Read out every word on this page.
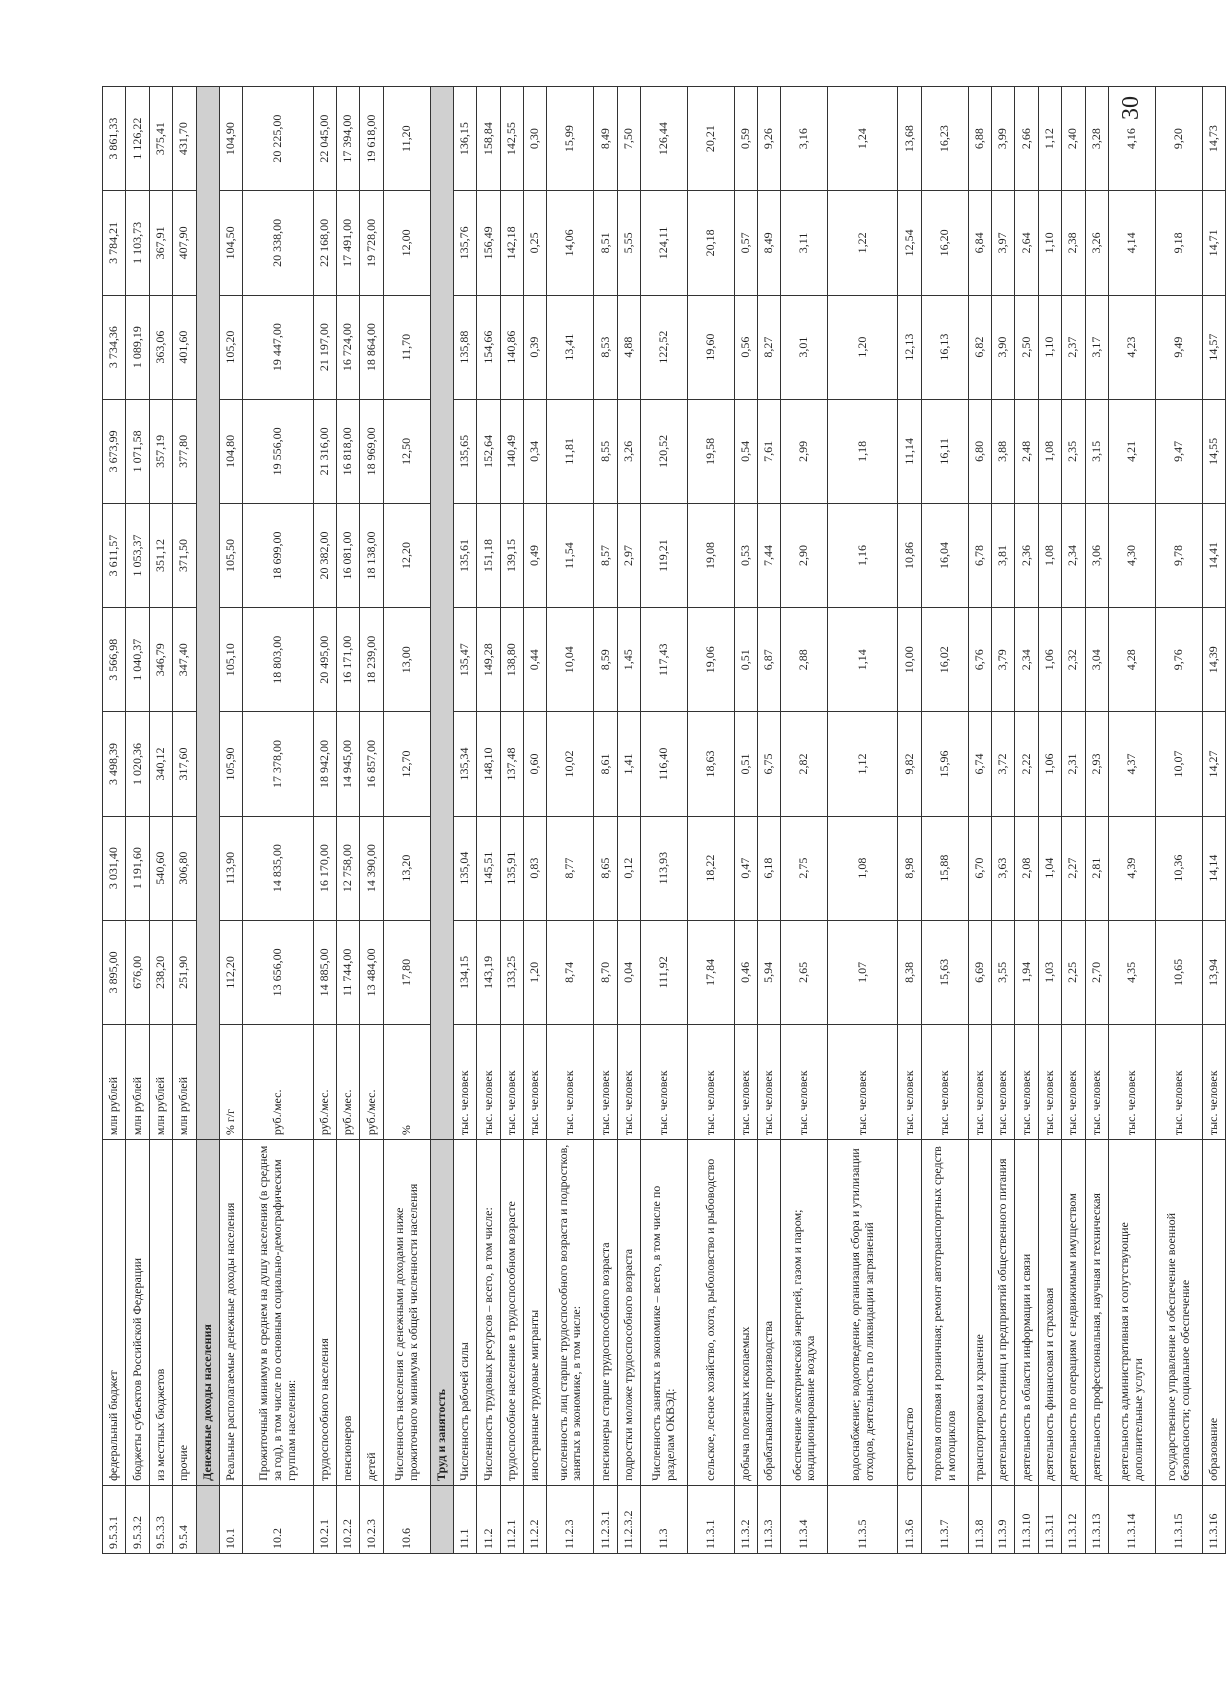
9.5.3.1	федеральный бюджет	млн рублей	3 895,00	3 031,40	3 498,39	3 566,98	3 611,57	3 673,99	3 734,36	3 784,21	3 861,33
9.5.3.2	бюджеты субъектов Российской Федерации	млн рублей	676,00	1 191,60	1 020,36	1 040,37	1 053,37	1 071,58	1 089,19	1 103,73	1 126,22
9.5.3.3	из местных бюджетов	млн рублей	238,20	540,60	340,12	346,79	351,12	357,19	363,06	367,91	375,41
9.5.4	прочие	млн рублей	251,90	306,80	317,60	347,40	371,50	377,80	401,60	407,90	431,70
	Денежные доходы населения										
10.1	Реальные располагаемые денежные доходы населения	% г/г	112,20	113,90	105,90	105,10	105,50	104,80	105,20	104,50	104,90
10.2	Прожиточный минимум в среднем на душу населения (в среднем за год), в том числе по основным социально-демографическим группам населения:	руб./мес.	13 656,00	14 835,00	17 378,00	18 803,00	18 699,00	19 556,00	19 447,00	20 338,00	20 225,00
10.2.1	трудоспособного населения	руб./мес.	14 885,00	16 170,00	18 942,00	20 495,00	20 382,00	21 316,00	21 197,00	22 168,00	22 045,00
10.2.2	пенсионеров	руб./мес.	11 744,00	12 758,00	14 945,00	16 171,00	16 081,00	16 818,00	16 724,00	17 491,00	17 394,00
10.2.3	детей	руб./мес.	13 484,00	14 390,00	16 857,00	18 239,00	18 138,00	18 969,00	18 864,00	19 728,00	19 618,00
10.6	Численность населения с денежными доходами ниже прожиточного минимума к общей численности населения	%	17,80	13,20	12,70	13,00	12,20	12,50	11,70	12,00	11,20
	Труд и занятость										
11.1	Численность рабочей силы	тыс. человек	134,15	135,04	135,34	135,47	135,61	135,65	135,88	135,76	136,15
11.2	Численность трудовых ресурсов – всего, в том числе:	тыс. человек	143,19	145,51	148,10	149,28	151,18	152,64	154,66	156,49	158,84
11.2.1	трудоспособное население в трудоспособном возрасте	тыс. человек	133,25	135,91	137,48	138,80	139,15	140,49	140,86	142,18	142,55
11.2.2	иностранные трудовые мигранты	тыс. человек	1,20	0,83	0,60	0,44	0,49	0,34	0,39	0,25	0,30
11.2.3	численность лиц старше трудоспособного возраста и подростков, занятых в экономике, в том числе:	тыс. человек	8,74	8,77	10,02	10,04	11,54	11,81	13,41	14,06	15,99
11.2.3.1	пенсионеры старше трудоспособного возраста	тыс. человек	8,70	8,65	8,61	8,59	8,57	8,55	8,53	8,51	8,49
11.2.3.2	подростки моложе трудоспособного возраста	тыс. человек	0,04	0,12	1,41	1,45	2,97	3,26	4,88	5,55	7,50
11.3	Численность занятых в экономике – всего, в том числе по разделам ОКВЭД:	тыс. человек	111,92	113,93	116,40	117,43	119,21	120,52	122,52	124,11	126,44
11.3.1	сельское, лесное хозяйство, охота, рыболовство и рыбоводство	тыс. человек	17,84	18,22	18,63	19,06	19,08	19,58	19,60	20,18	20,21
11.3.2	добыча полезных ископаемых	тыс. человек	0,46	0,47	0,51	0,51	0,53	0,54	0,56	0,57	0,59
11.3.3	обрабатывающие производства	тыс. человек	5,94	6,18	6,75	6,87	7,44	7,61	8,27	8,49	9,26
11.3.4	обеспечение электрической энергией, газом и паром; кондиционирование воздуха	тыс. человек	2,65	2,75	2,82	2,88	2,90	2,99	3,01	3,11	3,16
11.3.5	водоснабжение; водоотведение, организация сбора и утилизации отходов, деятельность по ликвидации загрязнений	тыс. человек	1,07	1,08	1,12	1,14	1,16	1,18	1,20	1,22	1,24
11.3.6	строительство	тыс. человек	8,38	8,98	9,82	10,00	10,86	11,14	12,13	12,54	13,68
11.3.7	торговля оптовая и розничная; ремонт автотранспортных средств и мотоциклов	тыс. человек	15,63	15,88	15,96	16,02	16,04	16,11	16,13	16,20	16,23
11.3.8	транспортировка и хранение	тыс. человек	6,69	6,70	6,74	6,76	6,78	6,80	6,82	6,84	6,88
11.3.9	деятельность гостиниц и предприятий общественного питания	тыс. человек	3,55	3,63	3,72	3,79	3,81	3,88	3,90	3,97	3,99
11.3.10	деятельность в области информации и связи	тыс. человек	1,94	2,08	2,22	2,34	2,36	2,48	2,50	2,64	2,66
11.3.11	деятельность финансовая и страховая	тыс. человек	1,03	1,04	1,06	1,06	1,08	1,08	1,10	1,10	1,12
11.3.12	деятельность по операциям с недвижимым имуществом	тыс. человек	2,25	2,27	2,31	2,32	2,34	2,35	2,37	2,38	2,40
11.3.13	деятельность профессиональная, научная и техническая	тыс. человек	2,70	2,81	2,93	3,04	3,06	3,15	3,17	3,26	3,28
11.3.14	деятельность административная и сопутствующие дополнительные услуги	тыс. человек	4,35	4,39	4,37	4,28	4,30	4,21	4,23	4,14	4,16
11.3.15	государственное управление и обеспечение военной безопасности; социальное обеспечение	тыс. человек	10,65	10,36	10,07	9,76	9,78	9,47	9,49	9,18	9,20
11.3.16	образование	тыс. человек	13,94	14,14	14,27	14,39	14,41	14,55	14,57	14,71	14,73
30
